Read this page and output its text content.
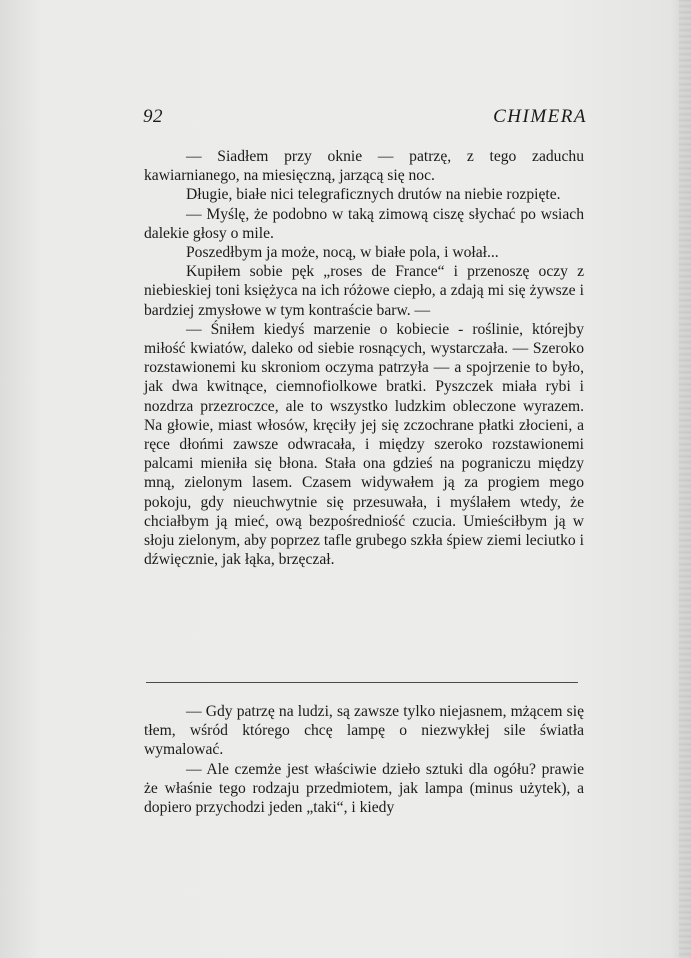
92	CHIMERA

— Siadłem przy oknie — patrzę, z tego zaduchu kawiarnianego, na miesięczną, jarzącą się noc.

Długie, białe nici telegraficznych drutów na niebie rozpięte.

— Myślę, że podobno w taką zimową ciszę słychać po wsiach dalekie głosy o mile.

Poszedłbym ja może, nocą, w białe pola, i wołał...

Kupiłem sobie pęk „roses de France“ i przenoszę oczy z niebieskiej toni księżyca na ich różowe ciepło, a zdają mi się żywsze i bardziej zmysłowe w tym kontraście barw. —

— Śniłem kiedyś marzenie o kobiecie - roślinie, którejby miłość kwiatów, daleko od siebie rosnących, wystarczała. — Szeroko rozstawionemi ku skroniom oczyma patrzyła — a spojrzenie to było, jak dwa kwitnące, ciemnofiolkowe bratki. Pyszczek miała rybi i nozdrza przezroczce, ale to wszystko ludzkim obleczone wyrazem. Na głowie, miast włosów, kręciły jej się zczochrane płatki złocieni, a ręce dłońmi zawsze odwracała, i między szeroko rozstawionemi palcami mieniła się błona. Stała ona gdzieś na pograniczu między mną, zielonym lasem. Czasem widywałem ją za progiem mego pokoju, gdy nieuchwytnie się przesuwała, i myślałem wtedy, że chciałbym ją mieć, ową bezpośredniość czucia. Umieściłbym ją w słoju zielonym, aby poprzez tafle grubego szkła śpiew ziemi leciutko i dźwięcznie, jak łąka, brzęczał.

— Gdy patrzę na ludzi, są zawsze tylko niejasnem, mżącem się tłem, wśród którego chcę lampę o niezwykłej sile światła wymalować.

— Ale czemże jest właściwie dzieło sztuki dla ogółu? prawie że właśnie tego rodzaju przedmiotem, jak lampa (minus użytek), a dopiero przychodzi jeden „taki“, i kiedy
